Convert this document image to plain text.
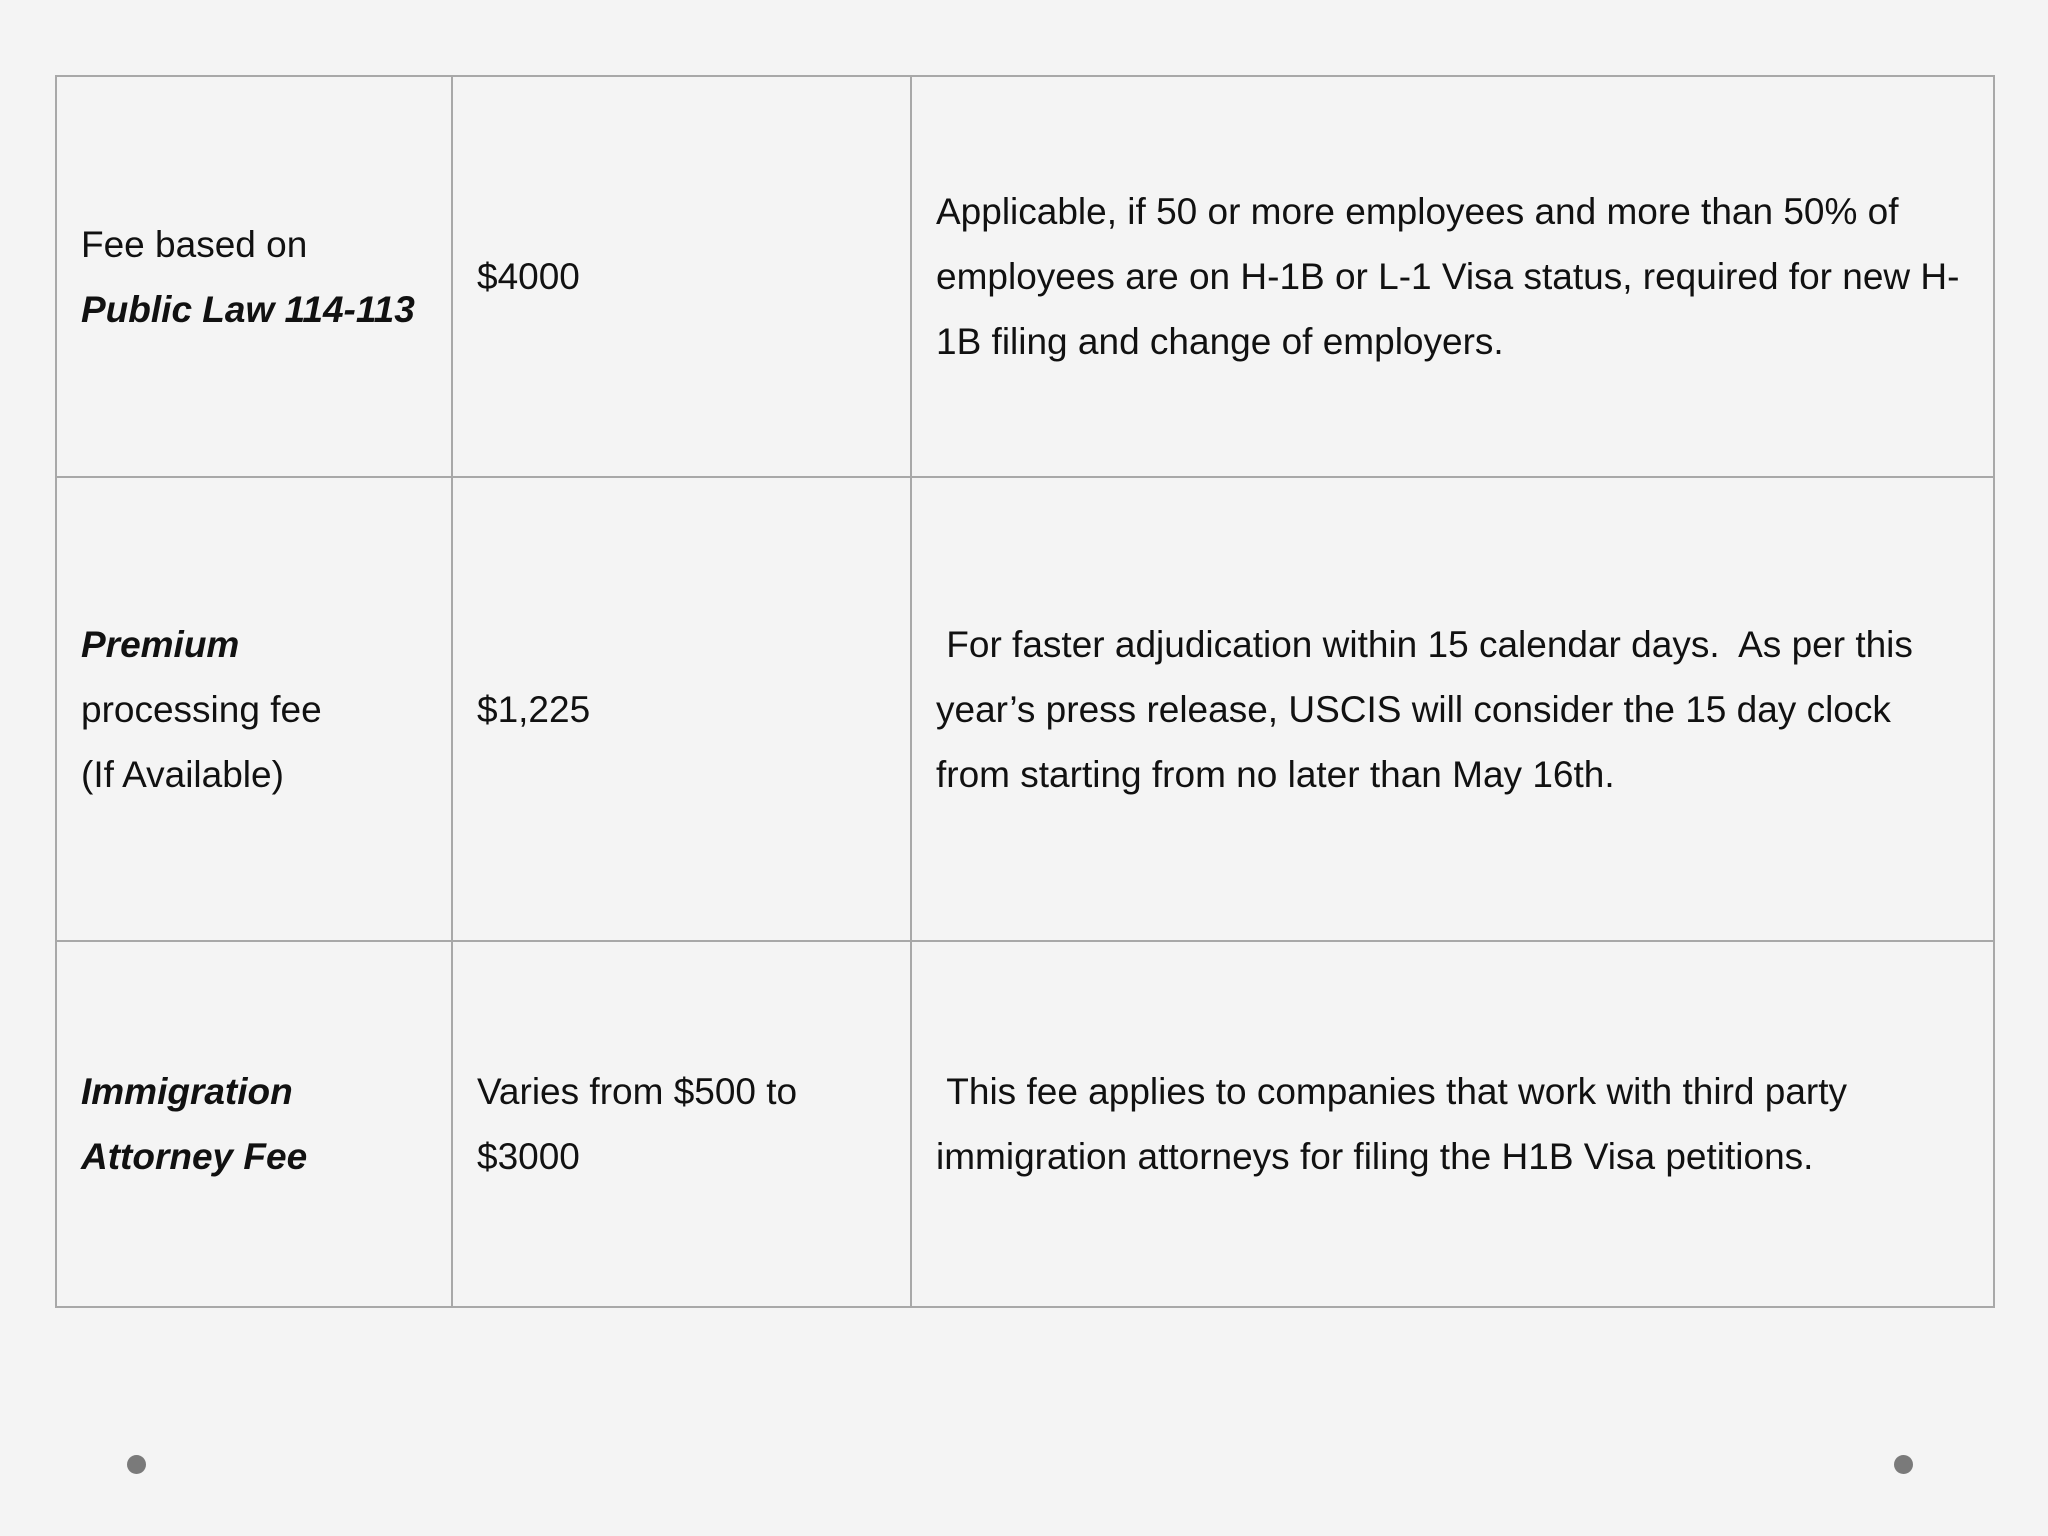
Fee based on
Public Law 114-113	$4000	Applicable, if 50 or more employees and more than 50% of employees are on H-1B or L-1 Visa status, required for new H-1B filing and change of employers.

Premium
processing fee
(If Available)	$1,225	For faster adjudication within 15 calendar days.  As per this year’s press release, USCIS will consider the 15 day clock from starting from no later than May 16th.

Immigration
Attorney Fee	Varies from $500 to $3000	This fee applies to companies that work with third party immigration attorneys for filing the H1B Visa petitions.
